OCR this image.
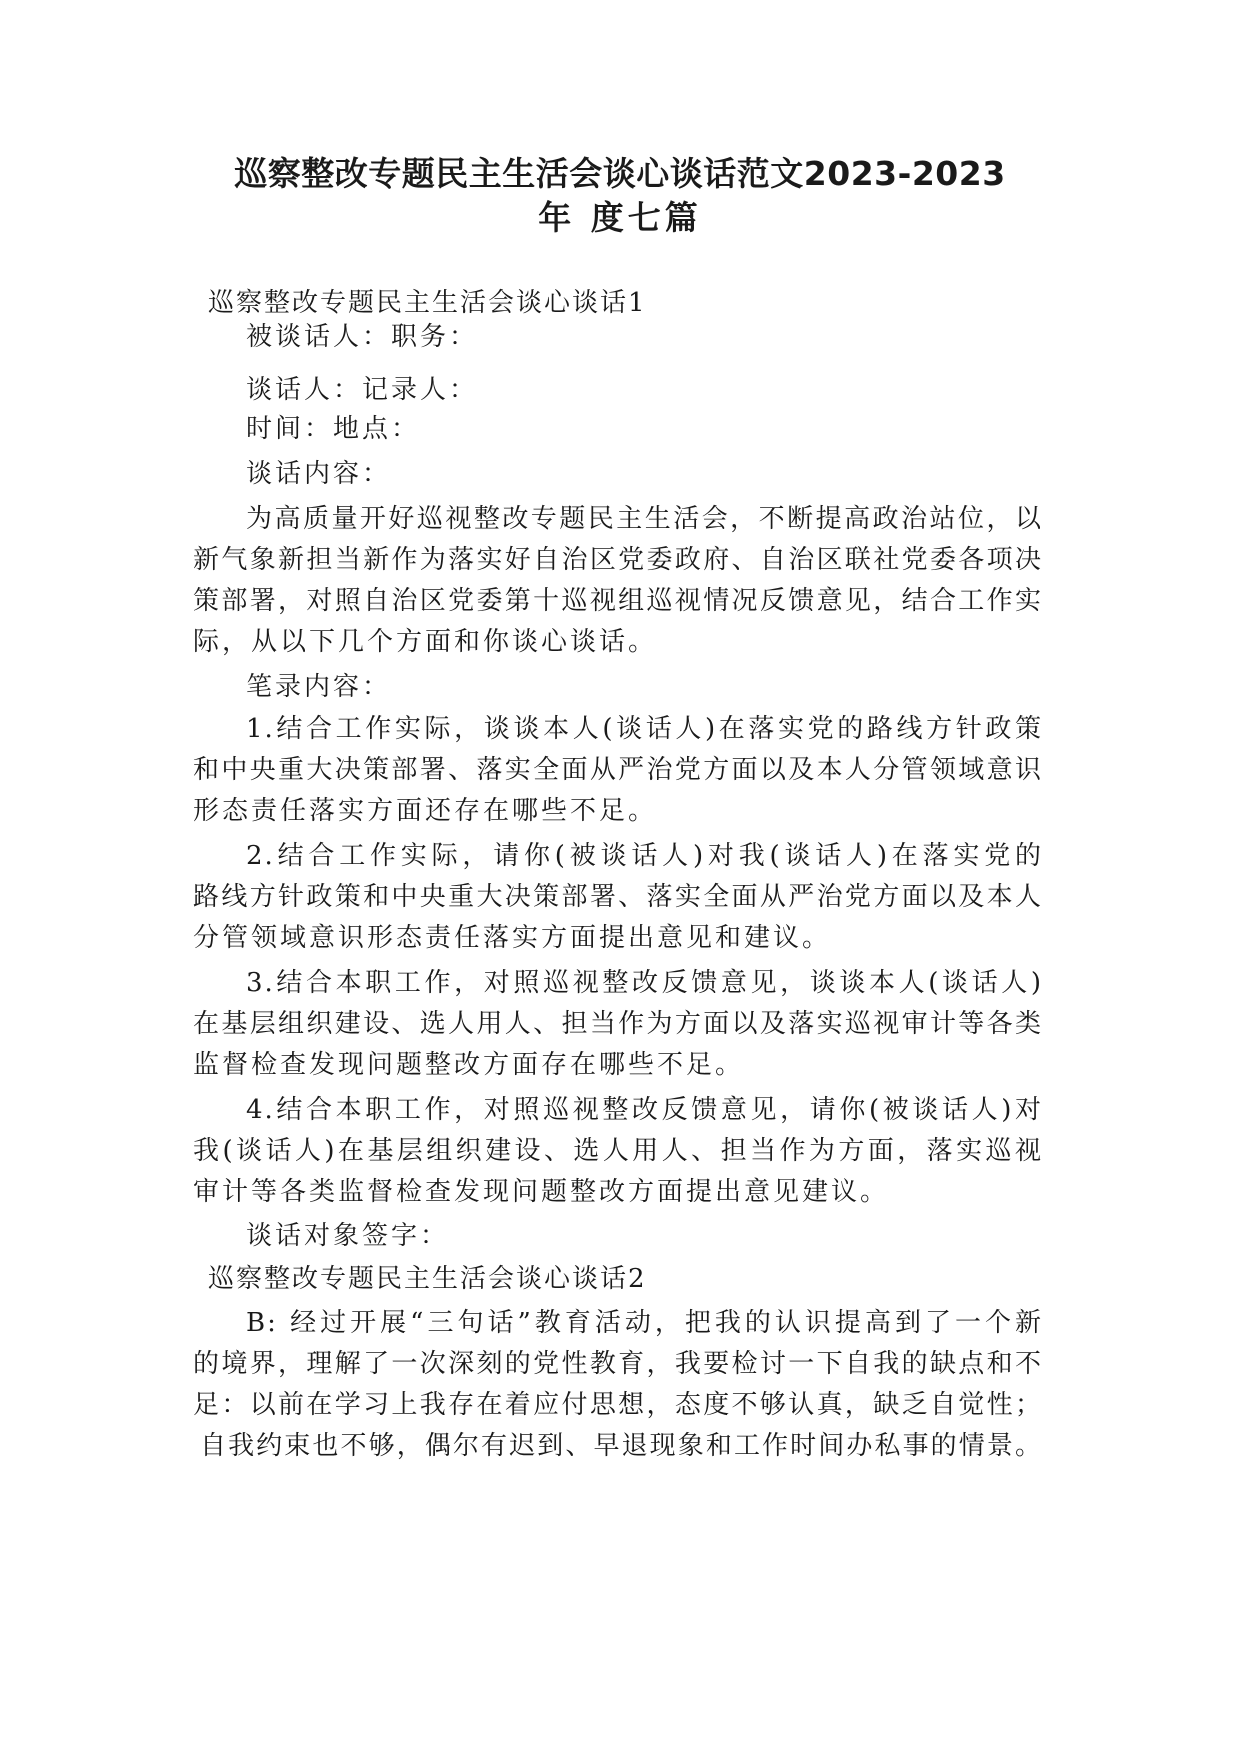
巡察整改专题民主生活会谈心谈话范文2023-2023
年 度七篇

巡察整改专题民主生活会谈心谈话1

被谈话人：职务：

谈话人：记录人：

时间：地点：

谈话内容：

为高质量开好巡视整改专题民主生活会，不断提高政治站位，以

新气象新担当新作为落实好自治区党委政府、自治区联社党委各项决

策部署，对照自治区党委第十巡视组巡视情况反馈意见，结合工作实

际，从以下几个方面和你谈心谈话。

笔录内容：

1.结合工作实际，谈谈本人(谈话人)在落实党的路线方针政策

和中央重大决策部署、落实全面从严治党方面以及本人分管领域意识

形态责任落实方面还存在哪些不足。

2.结合工作实际，请你(被谈话人)对我(谈话人)在落实党的

路线方针政策和中央重大决策部署、落实全面从严治党方面以及本人

分管领域意识形态责任落实方面提出意见和建议。

3.结合本职工作，对照巡视整改反馈意见，谈谈本人(谈话人)

在基层组织建设、选人用人、担当作为方面以及落实巡视审计等各类

监督检查发现问题整改方面存在哪些不足。

4.结合本职工作，对照巡视整改反馈意见，请你(被谈话人)对

我(谈话人)在基层组织建设、选人用人、担当作为方面，落实巡视

审计等各类监督检查发现问题整改方面提出意见建议。

谈话对象签字：

巡察整改专题民主生活会谈心谈话2

B: 经过开展“三句话”教育活动，把我的认识提高到了一个新

的境界，理解了一次深刻的党性教育，我要检讨一下自我的缺点和不

足：以前在学习上我存在着应付思想，态度不够认真，缺乏自觉性；

自我约束也不够，偶尔有迟到、早退现象和工作时间办私事的情景。
